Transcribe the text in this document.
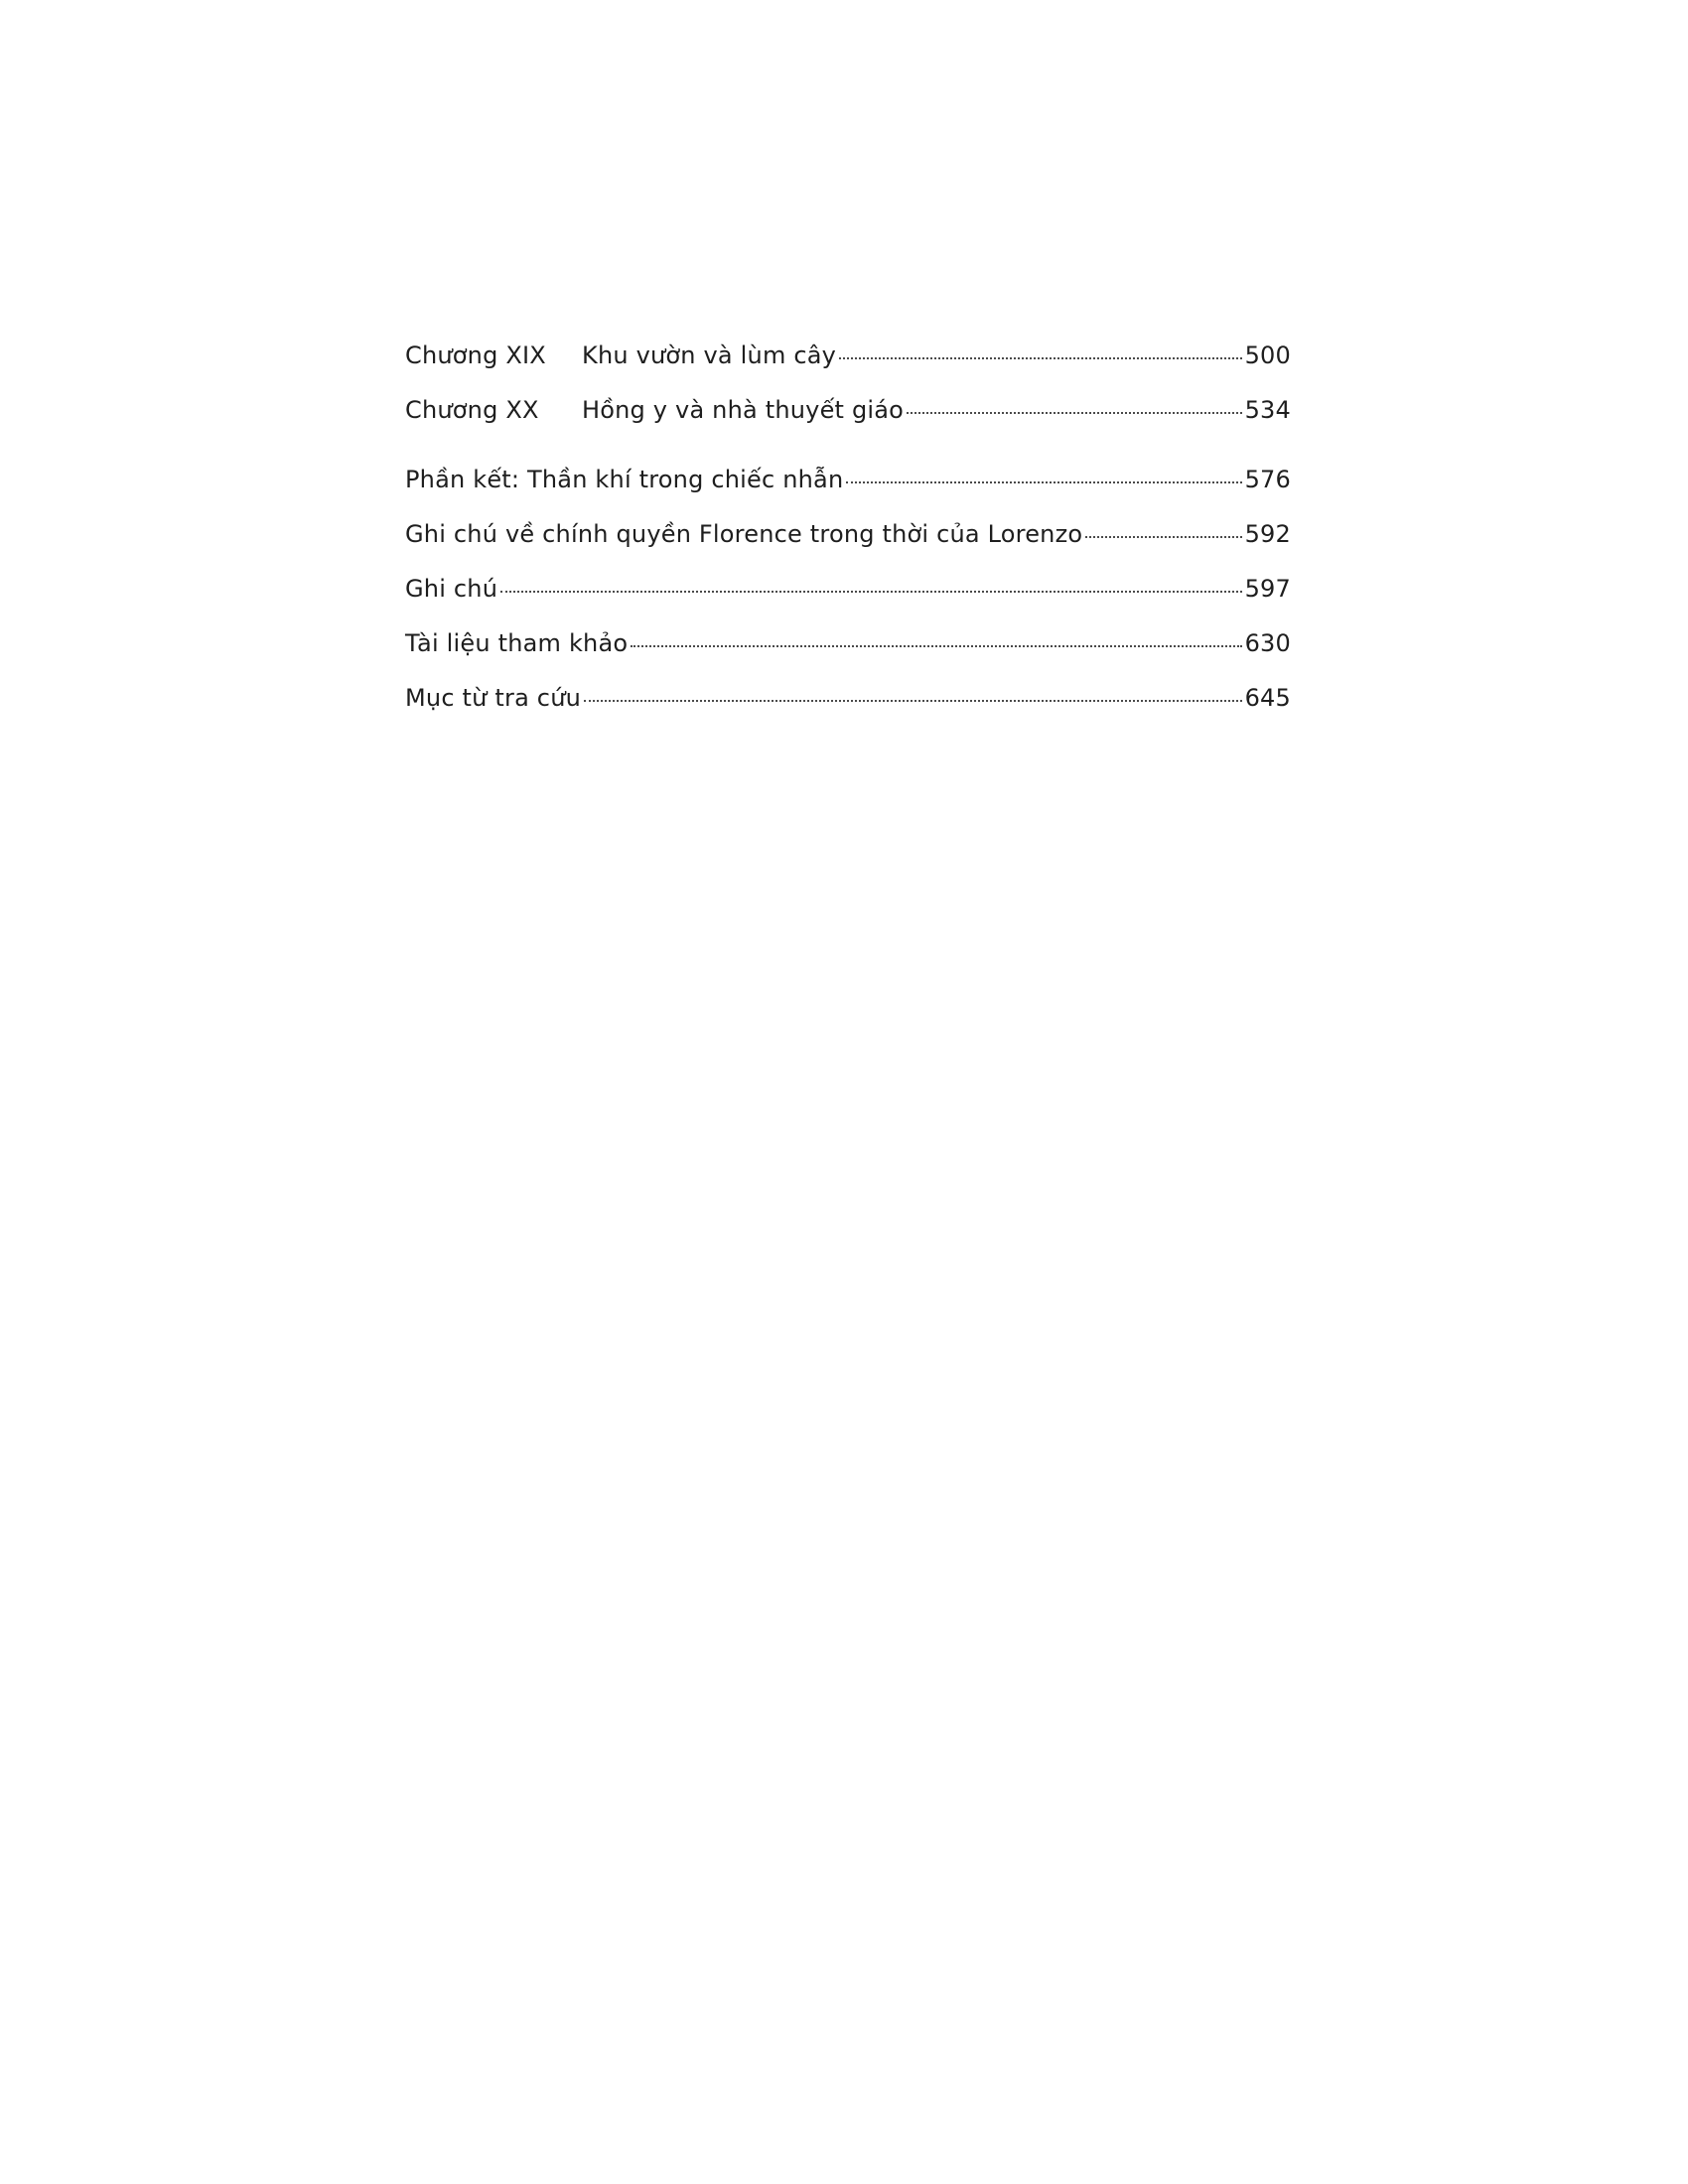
Chương XIX	Khu vườn và lùm cây	500
Chương XX	Hồng y và nhà thuyết giáo	534
Phần kết: Thần khí trong chiếc nhẫn	576
Ghi chú về chính quyền Florence trong thời của Lorenzo	592
Ghi chú	597
Tài liệu tham khảo	630
Mục từ tra cứu	645
